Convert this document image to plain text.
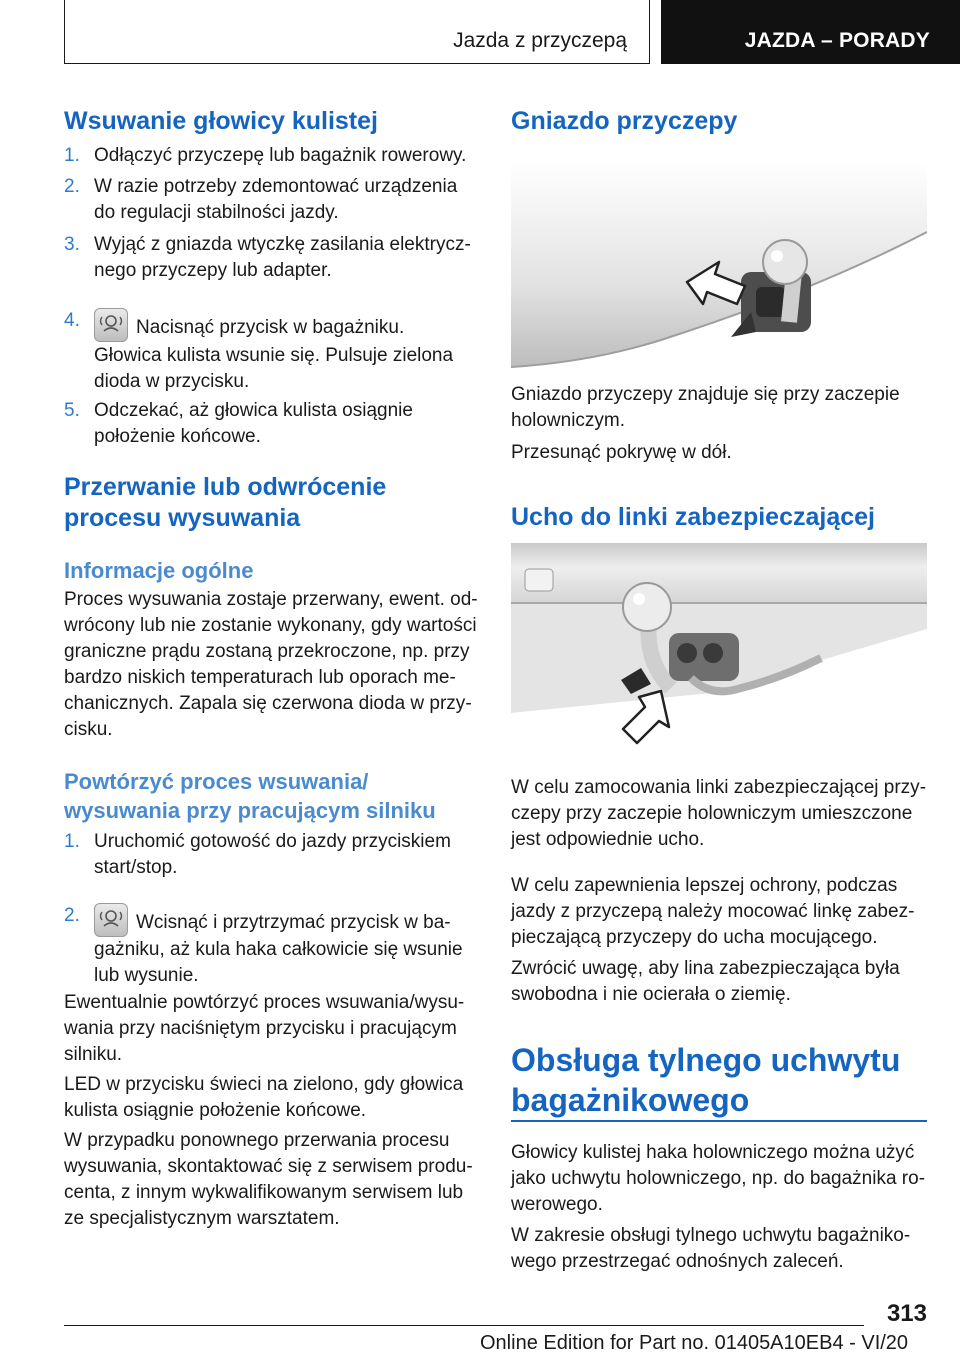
Jazda z przyczepą	JAZDA – PORADY
Wsuwanie głowicy kulistej
1. Odłączyć przyczepę lub bagażnik rowerowy.
2. W razie potrzeby zdemontować urządzenia do regulacji stabilności jazdy.
3. Wyjąć z gniazda wtyczkę zasilania elektrycznego przyczepy lub adapter.
4.	Nacisnąć przycisk w bagażniku.
Głowica kulista wsunie się. Pulsuje zielona dioda w przycisku.
5. Odczekać, aż głowica kulista osiągnie położenie końcowe.
Przerwanie lub odwrócenie procesu wysuwania
Informacje ogólne
Proces wysuwania zostaje przerwany, ewent. odwrócony lub nie zostanie wykonany, gdy wartości graniczne prądu zostaną przekroczone, np. przy bardzo niskich temperaturach lub oporach mechanicznych. Zapala się czerwona dioda w przycisku.
Powtórzyć proces wsuwania/ wysuwania przy pracującym silniku
1. Uruchomić gotowość do jazdy przyciskiem start/stop.
2.	Wcisnąć i przytrzymać przycisk w bagażniku, aż kula haka całkowicie się wsunie lub wysunie.
Ewentualnie powtórzyć proces wsuwania/wysuwania przy naciśniętym przycisku i pracującym silniku.
LED w przycisku świeci na zielono, gdy głowica kulista osiągnie położenie końcowe.
W przypadku ponownego przerwania procesu wysuwania, skontaktować się z serwisem producenta, z innym wykwalifikowanym serwisem lub ze specjalistycznym warsztatem.
Gniazdo przyczepy
Gniazdo przyczepy znajduje się przy zaczepie holowniczym.
Przesunąć pokrywę w dół.
Ucho do linki zabezpieczającej
W celu zamocowania linki zabezpieczającej przyczepy przy zaczepie holowniczym umieszczone jest odpowiednie ucho.
W celu zapewnienia lepszej ochrony, podczas jazdy z przyczepą należy mocować linkę zabezpieczającą przyczepy do ucha mocującego.
Zwrócić uwagę, aby lina zabezpieczająca była swobodna i nie ocierała o ziemię.
Obsługa tylnego uchwytu bagażnikowego
Głowicy kulistej haka holowniczego można użyć jako uchwytu holowniczego, np. do bagażnika rowerowego.
W zakresie obsługi tylnego uchwytu bagażnikowego przestrzegać odnośnych zaleceń.
313
Online Edition for Part no. 01405A10EB4 - VI/20
